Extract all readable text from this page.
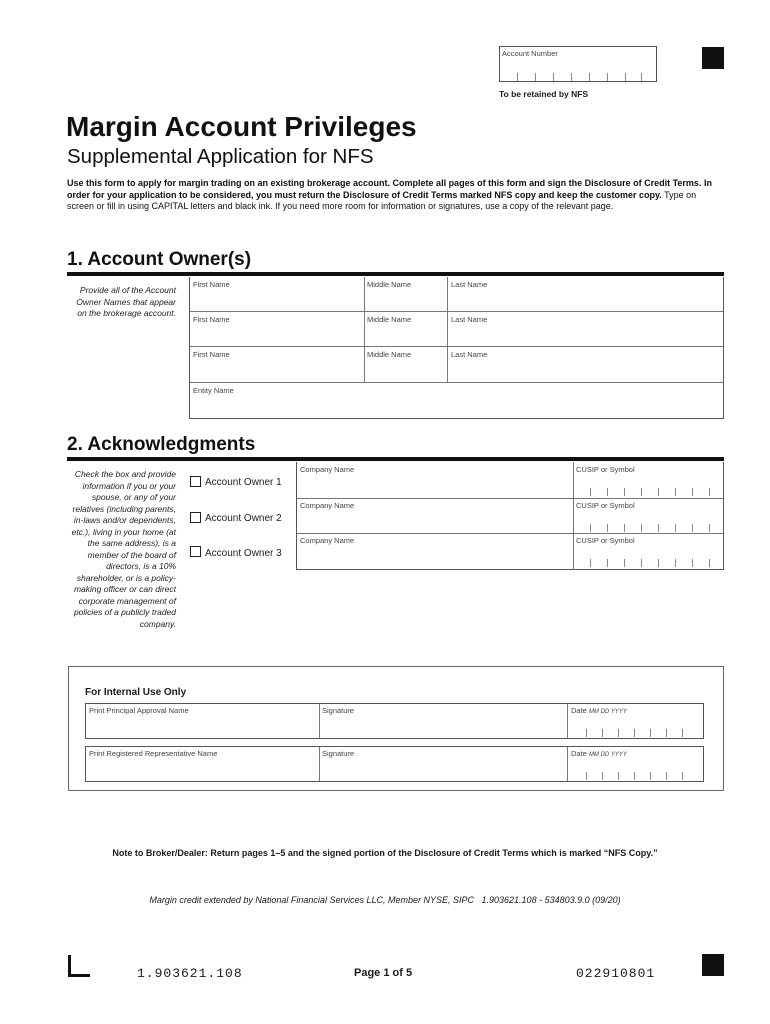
Account Number
To be retained by NFS
Margin Account Privileges
Supplemental Application for NFS
Use this form to apply for margin trading on an existing brokerage account. Complete all pages of this form and sign the Disclosure of Credit Terms. In order for your application to be considered, you must return the Disclosure of Credit Terms marked NFS copy and keep the customer copy. Type on screen or fill in using CAPITAL letters and black ink. If you need more room for information or signatures, use a copy of the relevant page.
1. Account Owner(s)
Provide all of the Account Owner Names that appear on the brokerage account.
First Name	Middle Name	Last Name
First Name	Middle Name	Last Name
First Name	Middle Name	Last Name
Entity Name
2. Acknowledgments
Check the box and provide information if you or your spouse, or any of your relatives (including parents, in-laws and/or dependents, etc.), living in your home (at the same address), is a member of the board of directors, is a 10% shareholder, or is a policy-making officer or can direct corporate management of policies of a publicly traded company.
Account Owner 1
Account Owner 2
Account Owner 3
Company Name	CUSIP or Symbol
Company Name	CUSIP or Symbol
Company Name	CUSIP or Symbol
For Internal Use Only
Print Principal Approval Name	Signature	Date MM DD YYYY
Print Registered Representative Name	Signature	Date MM DD YYYY
Note to Broker/Dealer: Return pages 1–5 and the signed portion of the Disclosure of Credit Terms which is marked “NFS Copy.”
Margin credit extended by National Financial Services LLC, Member NYSE, SIPC 1.903621.108 - 534803.9.0 (09/20)
1.903621.108	Page 1 of 5	022910801
